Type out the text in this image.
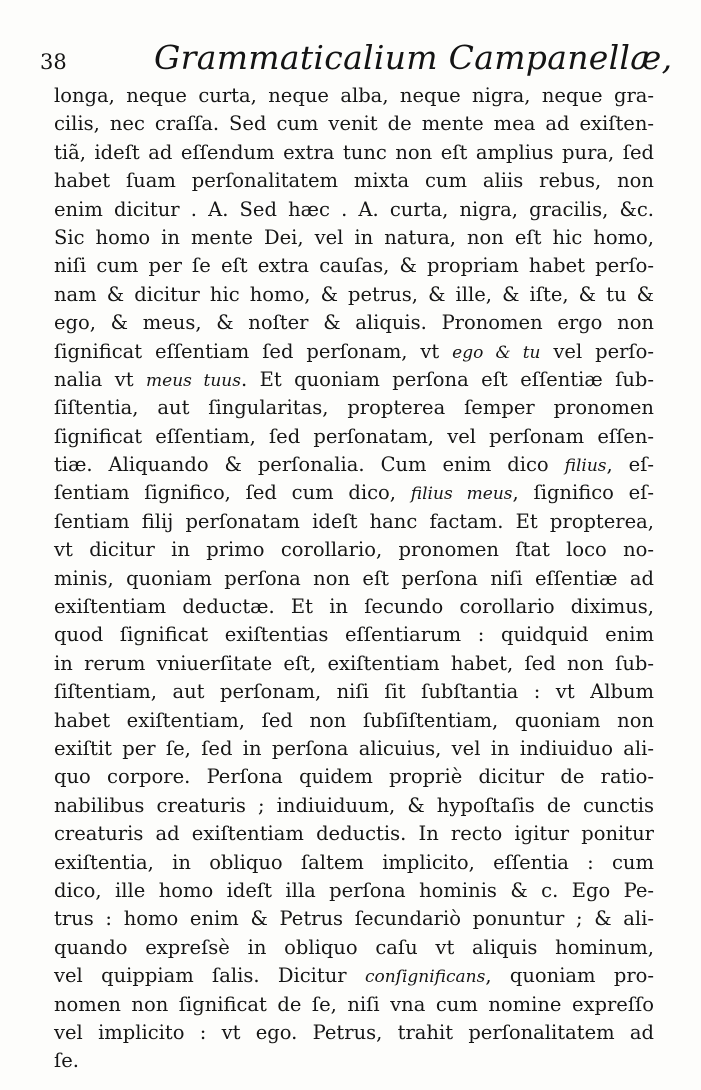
38	Grammaticalium Campanellæ,
longa, neque curta, neque alba, neque nigra, neque gra-
cilis, nec craſſa. Sed cum venit de mente mea ad exiſten-
tiã, ideſt ad eſſendum extra tunc non eſt amplius pura, ſed
habet ſuam perſonalitatem mixta cum aliis rebus, non
enim dicitur . A. Sed hæc . A. curta, nigra, gracilis, &c.
Sic homo in mente Dei, vel in natura, non eſt hic homo,
niſi cum per ſe eſt extra cauſas, & propriam habet perſo-
nam & dicitur hic homo, & petrus, & ille, & iſte, & tu &
ego, & meus, & noſter & aliquis. Pronomen ergo non
ſignificat eſſentiam ſed perſonam, vt ego & tu vel perſo-
nalia vt meus tuus. Et quoniam perſona eſt eſſentiæ ſub-
ſiſtentia, aut ſingularitas, propterea ſemper pronomen
ſignificat eſſentiam, ſed perſonatam, vel perſonam eſſen-
tiæ. Aliquando & perſonalia. Cum enim dico filius, eſ-
ſentiam ſignifico, ſed cum dico, filius meus, ſignifico eſ-
ſentiam filij perſonatam ideſt hanc factam. Et propterea,
vt dicitur in primo corollario, pronomen ſtat loco no-
minis, quoniam perſona non eſt perſona niſi eſſentiæ ad
exiſtentiam deductæ. Et in ſecundo corollario diximus,
quod ſignificat exiſtentias eſſentiarum : quidquid enim
in rerum vniuerſitate eſt, exiſtentiam habet, ſed non ſub-
ſiſtentiam, aut perſonam, niſi ſit ſubſtantia : vt Album
habet exiſtentiam, ſed non ſubſiſtentiam, quoniam non
exiſtit per ſe, ſed in perſona alicuius, vel in indiuiduo ali-
quo corpore. Perſona quidem propriè dicitur de ratio-
nabilibus creaturis ; indiuiduum, & hypoſtaſis de cunctis
creaturis ad exiſtentiam deductis. In recto igitur ponitur
exiſtentia, in obliquo ſaltem implicito, eſſentia : cum
dico, ille homo ideſt illa perſona hominis & c. Ego Pe-
trus : homo enim & Petrus ſecundariò ponuntur ; & ali-
quando expreſsè in obliquo caſu vt aliquis hominum,
vel quippiam ſalis. Dicitur conſignificans, quoniam pro-
nomen non ſignificat de ſe, niſi vna cum nomine expreſſo
vel implicito : vt ego. Petrus, trahit perſonalitatem ad
ſe.
